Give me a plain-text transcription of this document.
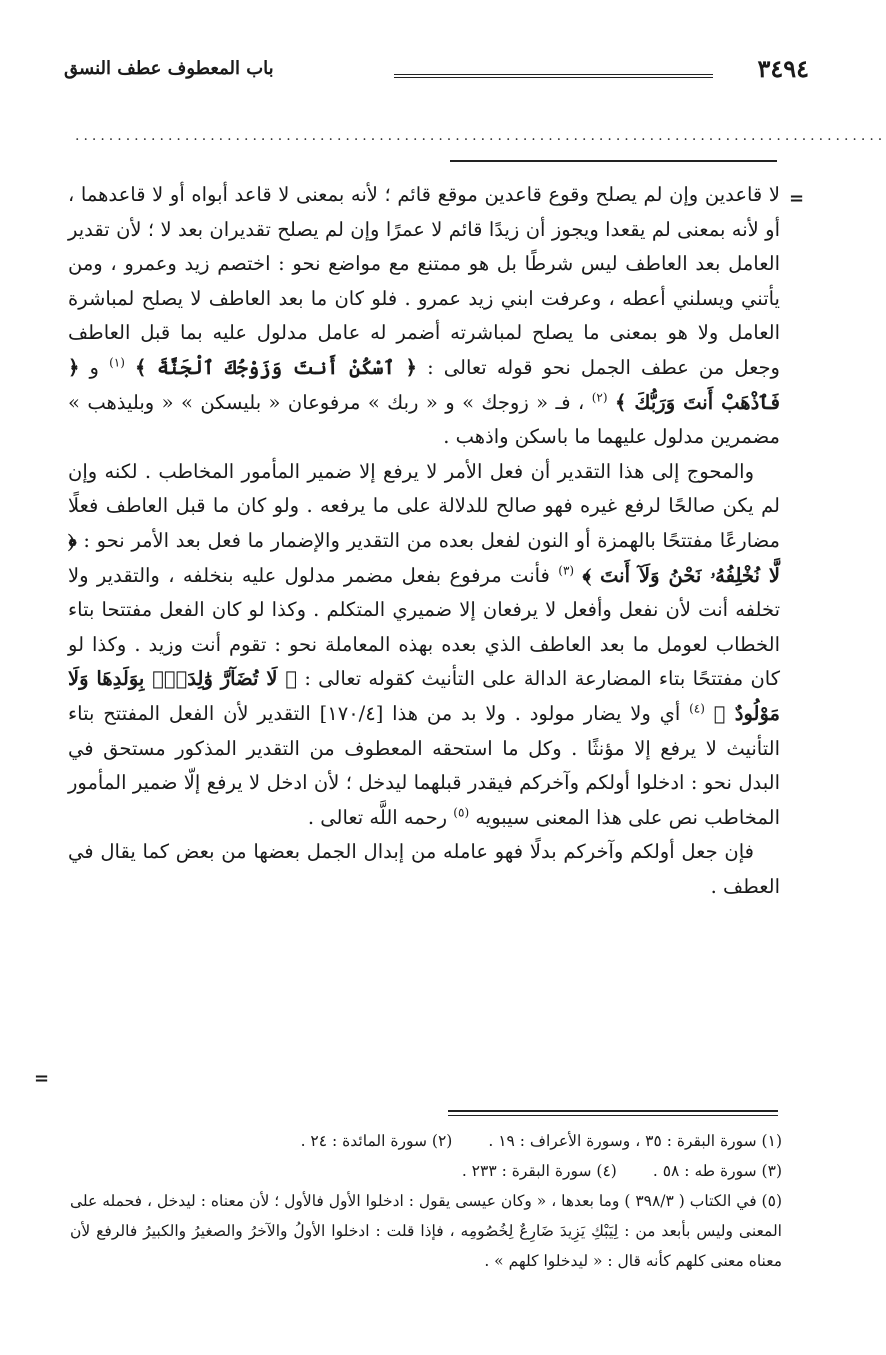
٣٤٩٤
باب المعطوف عطف النسق
................................................................................................
=

لا قاعدين وإن لم يصلح وقوع قاعدين موقع قائم ؛ لأنه بمعنى لا قاعد أبواه أو لا قاعدهما ، أو لأنه بمعنى لم يقعدا ويجوز أن زيدًا قائم لا عمرًا وإن لم يصلح تقديران بعد لا ؛ لأن تقدير العامل بعد العاطف ليس شرطًا بل هو ممتنع مع مواضع نحو : اختصم زيد وعمرو ، ومن يأتني ويسلني أعطه ، وعرفت ابني زيد عمرو . فلو كان ما بعد العاطف لا يصلح لمباشرة العامل ولا هو بمعنى ما يصلح لمباشرته أضمر له عامل مدلول عليه بما قبل العاطف وجعل من عطف الجمل نحو قوله تعالى : ﴿ ٱسْكُنْ أَنتَ وَزَوْجُكَ ٱلْجَنَّةَ ﴾ $^{(١)}$ و ﴿ فَٱذْهَبْ أَنتَ وَرَبُّكَ ﴾ $^{(٢)}$ ، فـ « زوجك » و « ربك » مرفوعان « بليسكن » « وبليذهب » مضمرين مدلول عليهما ما باسكن واذهب .

والمحوج إلى هذا التقدير أن فعل الأمر لا يرفع إلا ضمير المأمور المخاطب . لكنه وإن لم يكن صالحًا لرفع غيره فهو صالح للدلالة على ما يرفعه . ولو كان ما قبل العاطف فعلًا مضارعًا مفتتحًا بالهمزة أو النون لفعل بعده من التقدير والإضمار ما فعل بعد الأمر نحو : ﴿ لَّا نُخْلِفُهُۥ نَحْنُ وَلَآ أَنتَ ﴾ $^{(٣)}$ فأنت مرفوع بفعل مضمر مدلول عليه بنخلفه ، والتقدير ولا تخلفه أنت لأن نفعل وأفعل لا يرفعان إلا ضميري المتكلم . وكذا لو كان الفعل مفتتحا بتاء الخطاب لعومل ما بعد العاطف الذي بعده بهذه المعاملة نحو : تقوم أنت وزيد . وكذا لو كان مفتتحًا بتاء المضارعة الدالة على التأنيث كقوله تعالى : ﴿ لَا تُضَآرَّ وَٰلِدَةٌۢ بِوَلَدِهَا وَلَا مَوْلُودٌ ﴾ $^{(٤)}$ أي ولا يضار مولود . ولا بد من هذا [١٧٠/٤] التقدير لأن الفعل المفتتح بتاء التأنيث لا يرفع إلا مؤنثًا . وكل ما استحقه المعطوف من التقدير المذكور مستحق في البدل نحو : ادخلوا أولكم وآخركم فيقدر قبلهما ليدخل ؛ لأن ادخل لا يرفع إلّا ضمير المأمور المخاطب نص على هذا المعنى سيبويه $^{(٥)}$ رحمه اللَّه تعالى .

فإن جعل أولكم وآخركم بدلًا فهو عامله من إبدال الجمل بعضها من بعض كما يقال في العطف .

=
(١) سورة البقرة : ٣٥ ، وسورة الأعراف : ١٩ .
(٢) سورة المائدة : ٢٤ .
(٣) سورة طه : ٥٨ .
(٤) سورة البقرة : ٢٣٣ .
(٥) في الكتاب ( ٣٩٨/٣ ) وما بعدها ، « وكان عيسى يقول : ادخلوا الأول فالأول ؛ لأن معناه : ليدخل ، فحمله على المعنى وليس بأبعد من : لِيَبْكِ يَزِيدَ ضَارِعٌ لِخُصُومِه ، فإذا قلت : ادخلوا الأولُ والآخرُ والصغيرُ والكبيرُ فالرفع لأن معناه معنى كلهم كأنه قال : « ليدخلوا كلهم » .
